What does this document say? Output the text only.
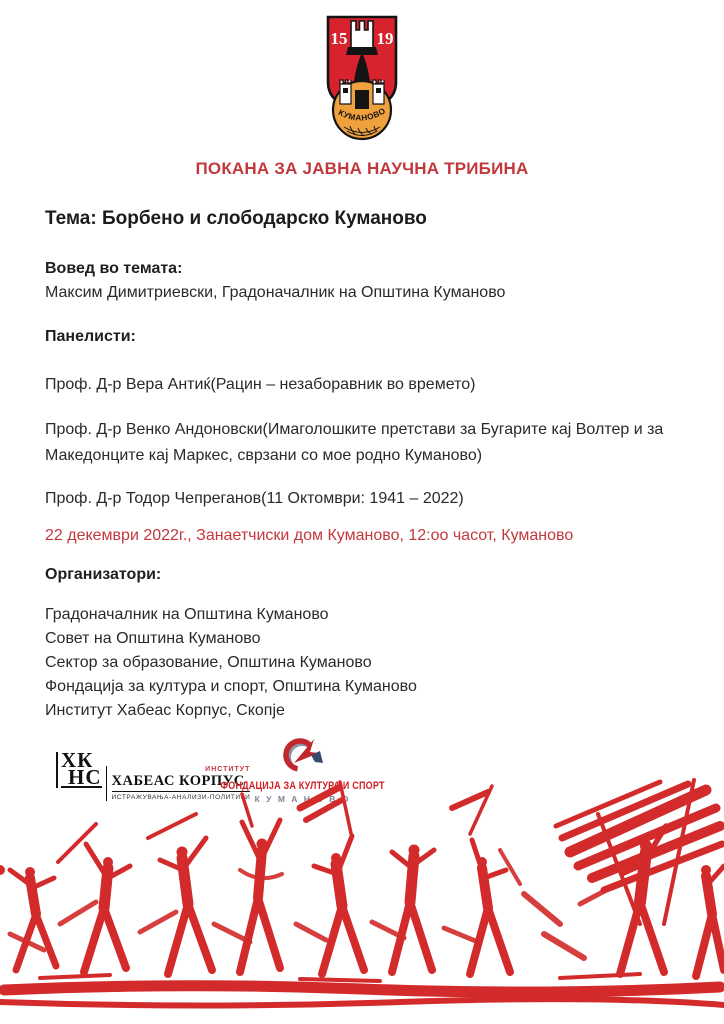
15 19
КУМАНОВО
ПОКАНА ЗА ЈАВНА НАУЧНА ТРИБИНА
Тема: Борбено и слободарско Куманово
Вовед во темата:
Максим Димитриевски, Градоначалник на Општина Куманово
Панелисти:
Проф. Д-р Вера Антиќ(Рацин – незаборавник во времето)
Проф. Д-р Венко Андоновски(Имаголошките претстави за Бугарите кај Волтер и за Македонците кај Маркес, сврзани со мое родно Куманово)
Проф. Д-р Тодор Чепреганов(11 Октомври: 1941 – 2022)
22 декември 2022г., Занаетчиски дом Куманово, 12:оо часот, Куманово
Организатори:
Градоначалник на Општина Куманово
Совет на Општина Куманово
Сектор за образование, Општина Куманово
Фондација за култура и спорт, Општина Куманово
Институт Хабеас Корпус, Скопје
ХК
НС	ИНСТИТУТ
ХАБЕАС КОРПУС
ИСТРАЖУВАЊА-АНАЛИЗИ-ПОЛИТИКИ
ФОНДАЦИЈА ЗА КУЛТУРА И СПОРТ
К У М А Н О В О
